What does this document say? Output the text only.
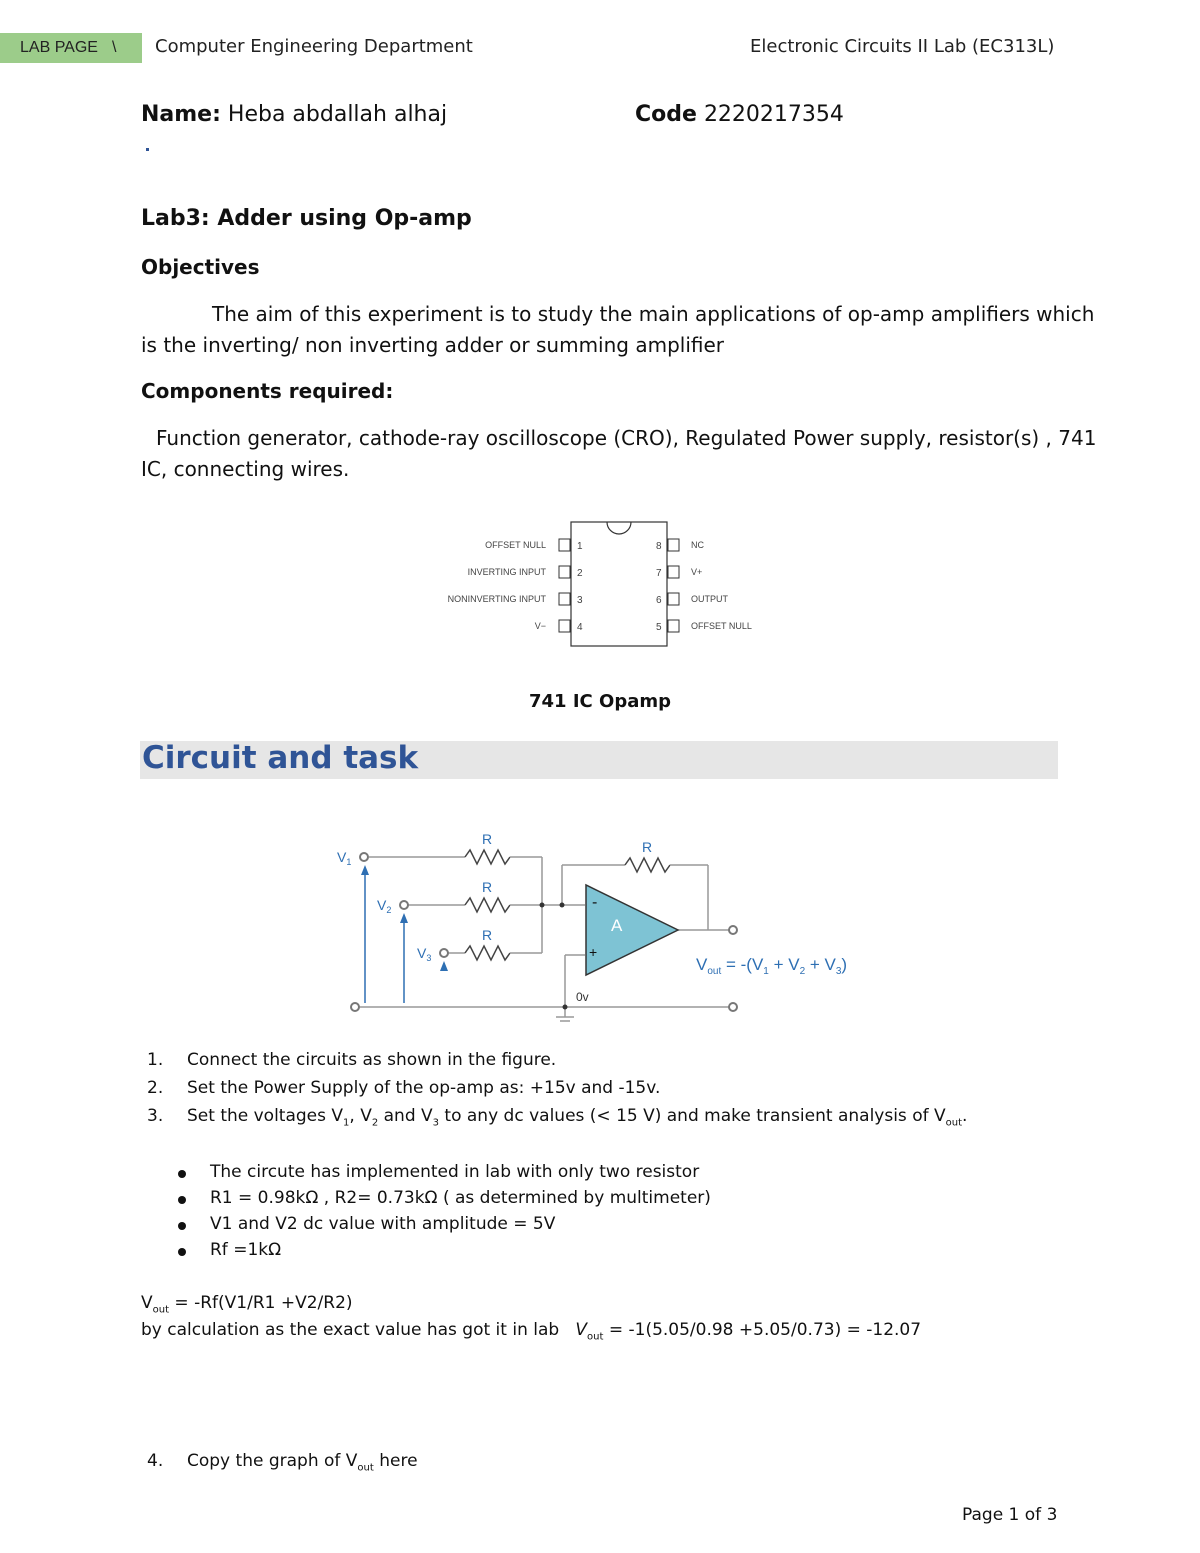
LAB PAGE \ Computer Engineering Department	Electronic Circuits II Lab (EC313L)
Name: Heba abdallah alhaj	Code 2220217354
Lab3: Adder using Op-amp
Objectives
The aim of this experiment is to study the main applications of op-amp amplifiers which
is the inverting/ non inverting adder or summing amplifier
Components required:
Function generator, cathode-ray oscilloscope (CRO), Regulated Power supply, resistor(s) , 741
IC, connecting wires.
OFFSET NULL
INVERTING INPUT
NONINVERTING INPUT
V−
1
2
3
4
8
7
6
5
NC
V+
OUTPUT
OFFSET NULL
741 IC Opamp
Circuit and task
A
-
+
R
R
R
R
0v
$V_1$
$V_2$
$V_3$	$V_{out} = -(V_1 + V_2 + V_3)$
1. Connect the circuits as shown in the figure.
2. Set the Power Supply of the op-amp as: +15v and -15v.
3. Set the voltages $V_1$, $V_2$ and $V_3$ to any dc values (< 15 V) and make transient analysis of $V_{out}$.
The circute has implemented in lab with only two resistor
R1 = 0.98kΩ , R2= 0.73kΩ ( as determined by multimeter)
V1 and V2 dc value with amplitude = 5V
Rf =1kΩ
$V_{out} = -Rf(V1/R1 +V2/R2)$
by calculation as the exact value has got it in lab   $V_{out} = -1(5.05/0.98 +5.05/0.73) = -12.07$
4. Copy the graph of $V_{out}$ here
Page 1 of 3
